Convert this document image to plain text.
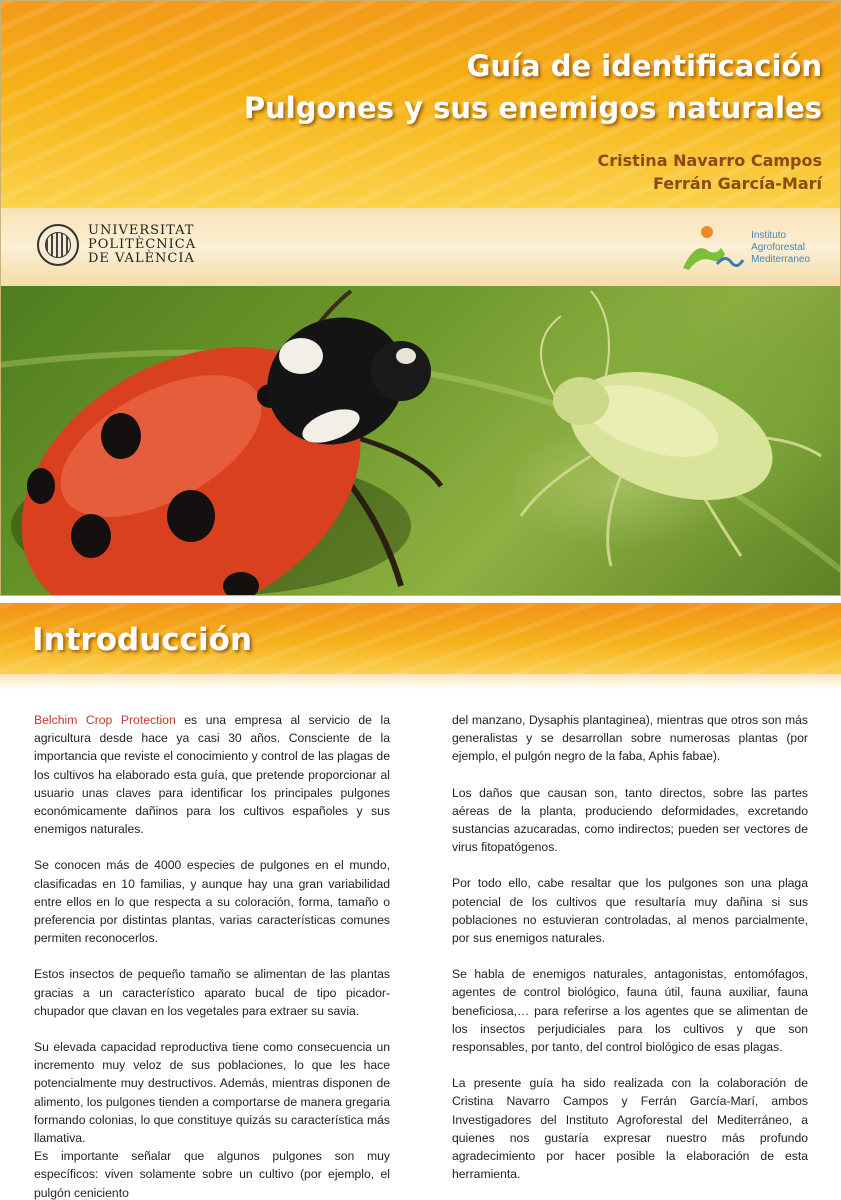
Guía de identificación
Pulgones y sus enemigos naturales
Cristina Navarro Campos
Ferrán García-Marí
UNIVERSITAT
POLITÈCNICA
DE VALÈNCIA
Instituto
Agroforestal
Mediterraneo
Introducción

Belchim Crop Protection es una empresa al servicio de la agricultura desde hace ya casi 30 años. Consciente de la importancia que reviste el conocimiento y control de las plagas de los cultivos ha elaborado esta guía, que pretende proporcionar al usuario unas claves para identificar los principales pulgones económicamente dañinos para los cultivos españoles y sus enemigos naturales.

Se conocen más de 4000 especies de pulgones en el mundo, clasificadas en 10 familias, y aunque hay una gran variabilidad entre ellos en lo que respecta a su coloración, forma, tamaño o preferencia por distintas plantas, varias características comunes permiten reconocerlos.

Estos insectos de pequeño tamaño se alimentan de las plantas gracias a un característico aparato bucal de tipo picador-chupador que clavan en los vegetales para extraer su savia.

Su elevada capacidad reproductiva tiene como consecuencia un incremento muy veloz de sus poblaciones, lo que les hace potencialmente muy destructivos. Además, mientras disponen de alimento, los pulgones tienden a comportarse de manera gregaria formando colonias, lo que constituye quizás su característica más llamativa.

Es importante señalar que algunos pulgones son muy específicos: viven solamente sobre un cultivo (por ejemplo, el pulgón ceniciento

del manzano, Dysaphis plantaginea), mientras que otros son más generalistas y se desarrollan sobre numerosas plantas (por ejemplo, el pulgón negro de la faba, Aphis fabae).

Los daños que causan son, tanto directos, sobre las partes aéreas de la planta, produciendo deformidades, excretando sustancias azucaradas, como indirectos; pueden ser vectores de virus fitopatógenos.

Por todo ello, cabe resaltar que los pulgones son una plaga potencial de los cultivos que resultaría muy dañina si sus poblaciones no estuvieran controladas, al menos parcialmente, por sus enemigos naturales.

Se habla de enemigos naturales, antagonistas, entomófagos, agentes de control biológico, fauna útil, fauna auxiliar, fauna beneficiosa,… para referirse a los agentes que se alimentan de los insectos perjudiciales para los cultivos y que son responsables, por tanto, del control biológico de esas plagas.

La presente guía ha sido realizada con la colaboración de Cristina Navarro Campos y Ferrán García-Marí, ambos Investigadores del Instituto Agroforestal del Mediterráneo, a quienes nos gustaría expresar nuestro más profundo agradecimiento por hacer posible la elaboración de esta herramienta.
